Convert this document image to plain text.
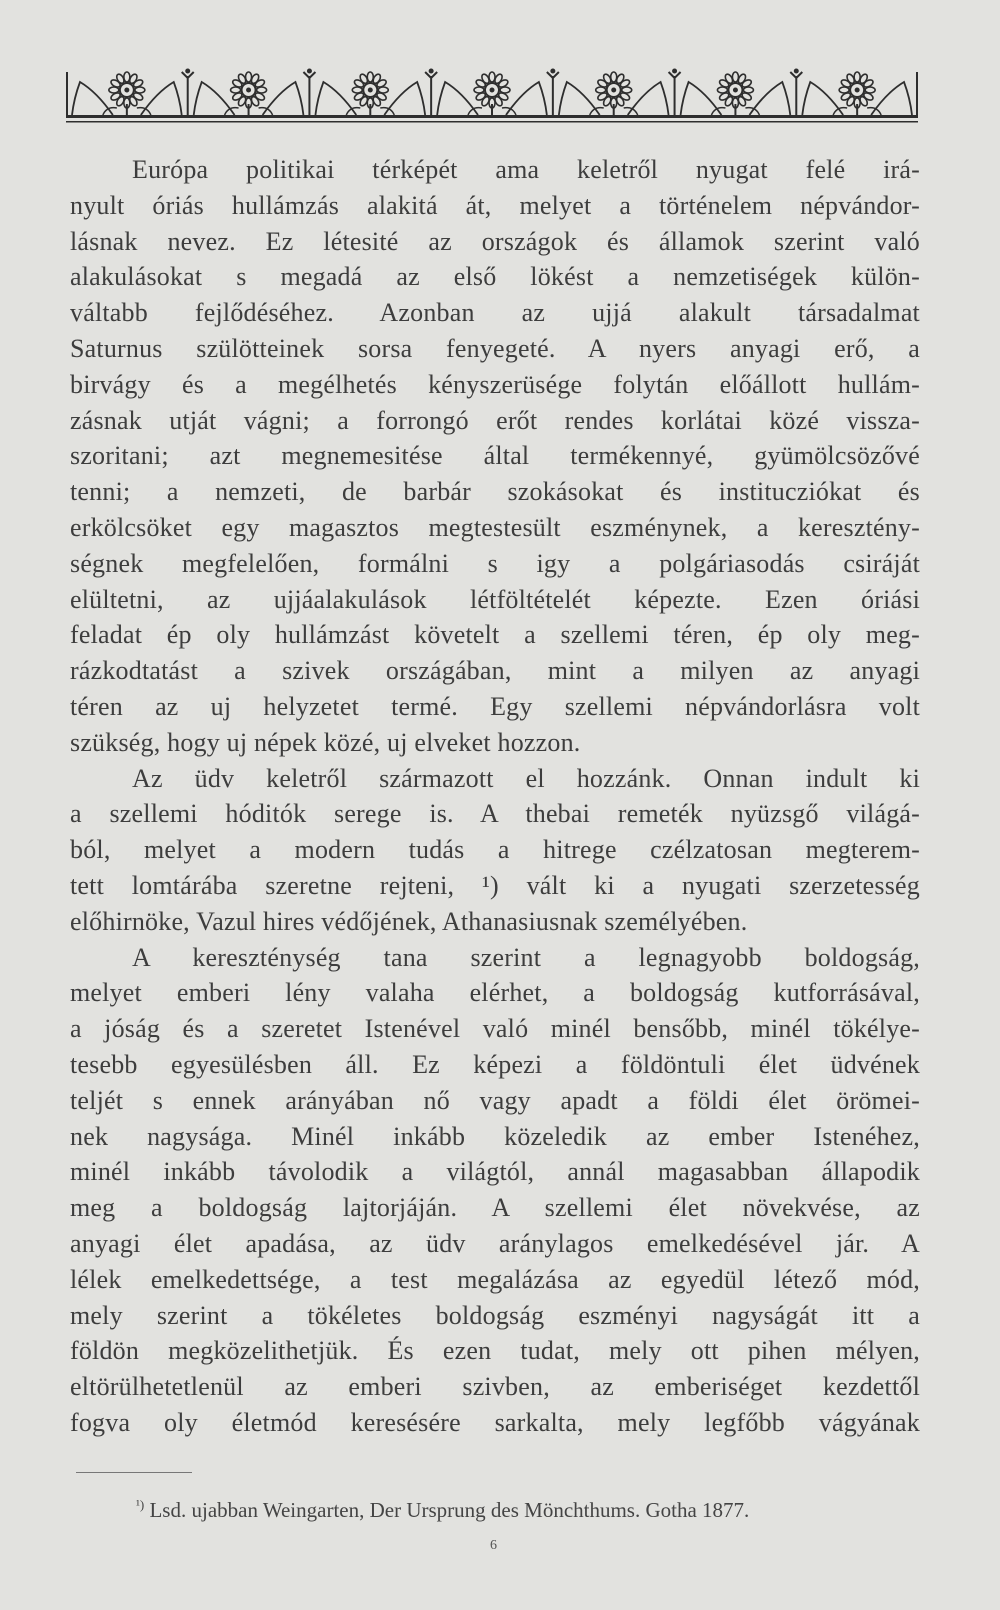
Európa politikai térképét ama keletről nyugat felé irá-
nyult óriás hullámzás alakitá át, melyet a történelem népvándor-
lásnak nevez. Ez létesité az országok és államok szerint való
alakulásokat s megadá az első lökést a nemzetiségek külön-
váltabb fejlődéséhez. Azonban az ujjá alakult társadalmat
Saturnus szülötteinek sorsa fenyegeté. A nyers anyagi erő, a
birvágy és a megélhetés kényszerüsége folytán előállott hullám-
zásnak utját vágni; a forrongó erőt rendes korlátai közé vissza-
szoritani; azt megnemesitése által termékennyé, gyümölcsözővé
tenni; a nemzeti, de barbár szokásokat és institucziókat és
erkölcsöket egy magasztos megtestesült eszménynek, a keresztény-
ségnek megfelelően, formálni s igy a polgáriasodás csiráját
elültetni, az ujjáalakulások létföltételét képezte. Ezen óriási
feladat ép oly hullámzást követelt a szellemi téren, ép oly meg-
rázkodtatást a szivek országában, mint a milyen az anyagi
téren az uj helyzetet termé. Egy szellemi népvándorlásra volt
szükség, hogy uj népek közé, uj elveket hozzon.
Az üdv keletről származott el hozzánk. Onnan indult ki
a szellemi hóditók serege is. A thebai remeték nyüzsgő világá-
ból, melyet a modern tudás a hitrege czélzatosan megterem-
tett lomtárába szeretne rejteni, ¹) vált ki a nyugati szerzetesség
előhirnöke, Vazul hires védőjének, Athanasiusnak személyében.
A kereszténység tana szerint a legnagyobb boldogság,
melyet emberi lény valaha elérhet, a boldogság kutforrásával,
a jóság és a szeretet Istenével való minél bensőbb, minél tökélye-
tesebb egyesülésben áll. Ez képezi a földöntuli élet üdvének
teljét s ennek arányában nő vagy apadt a földi élet örömei-
nek nagysága. Minél inkább közeledik az ember Istenéhez,
minél inkább távolodik a világtól, annál magasabban állapodik
meg a boldogság lajtorjáján. A szellemi élet növekvése, az
anyagi élet apadása, az üdv aránylagos emelkedésével jár. A
lélek emelkedettsége, a test megalázása az egyedül létező mód,
mely szerint a tökéletes boldogság eszményi nagyságát itt a
földön megközelithetjük. És ezen tudat, mely ott pihen mélyen,
eltörülhetetlenül az emberi szivben, az emberiséget kezdettől
fogva oly életmód keresésére sarkalta, mely legfőbb vágyának
$^{^1)}$ Lsd. ujabban Weingarten, Der Ursprung des Mönchthums. Gotha 1877.
6
